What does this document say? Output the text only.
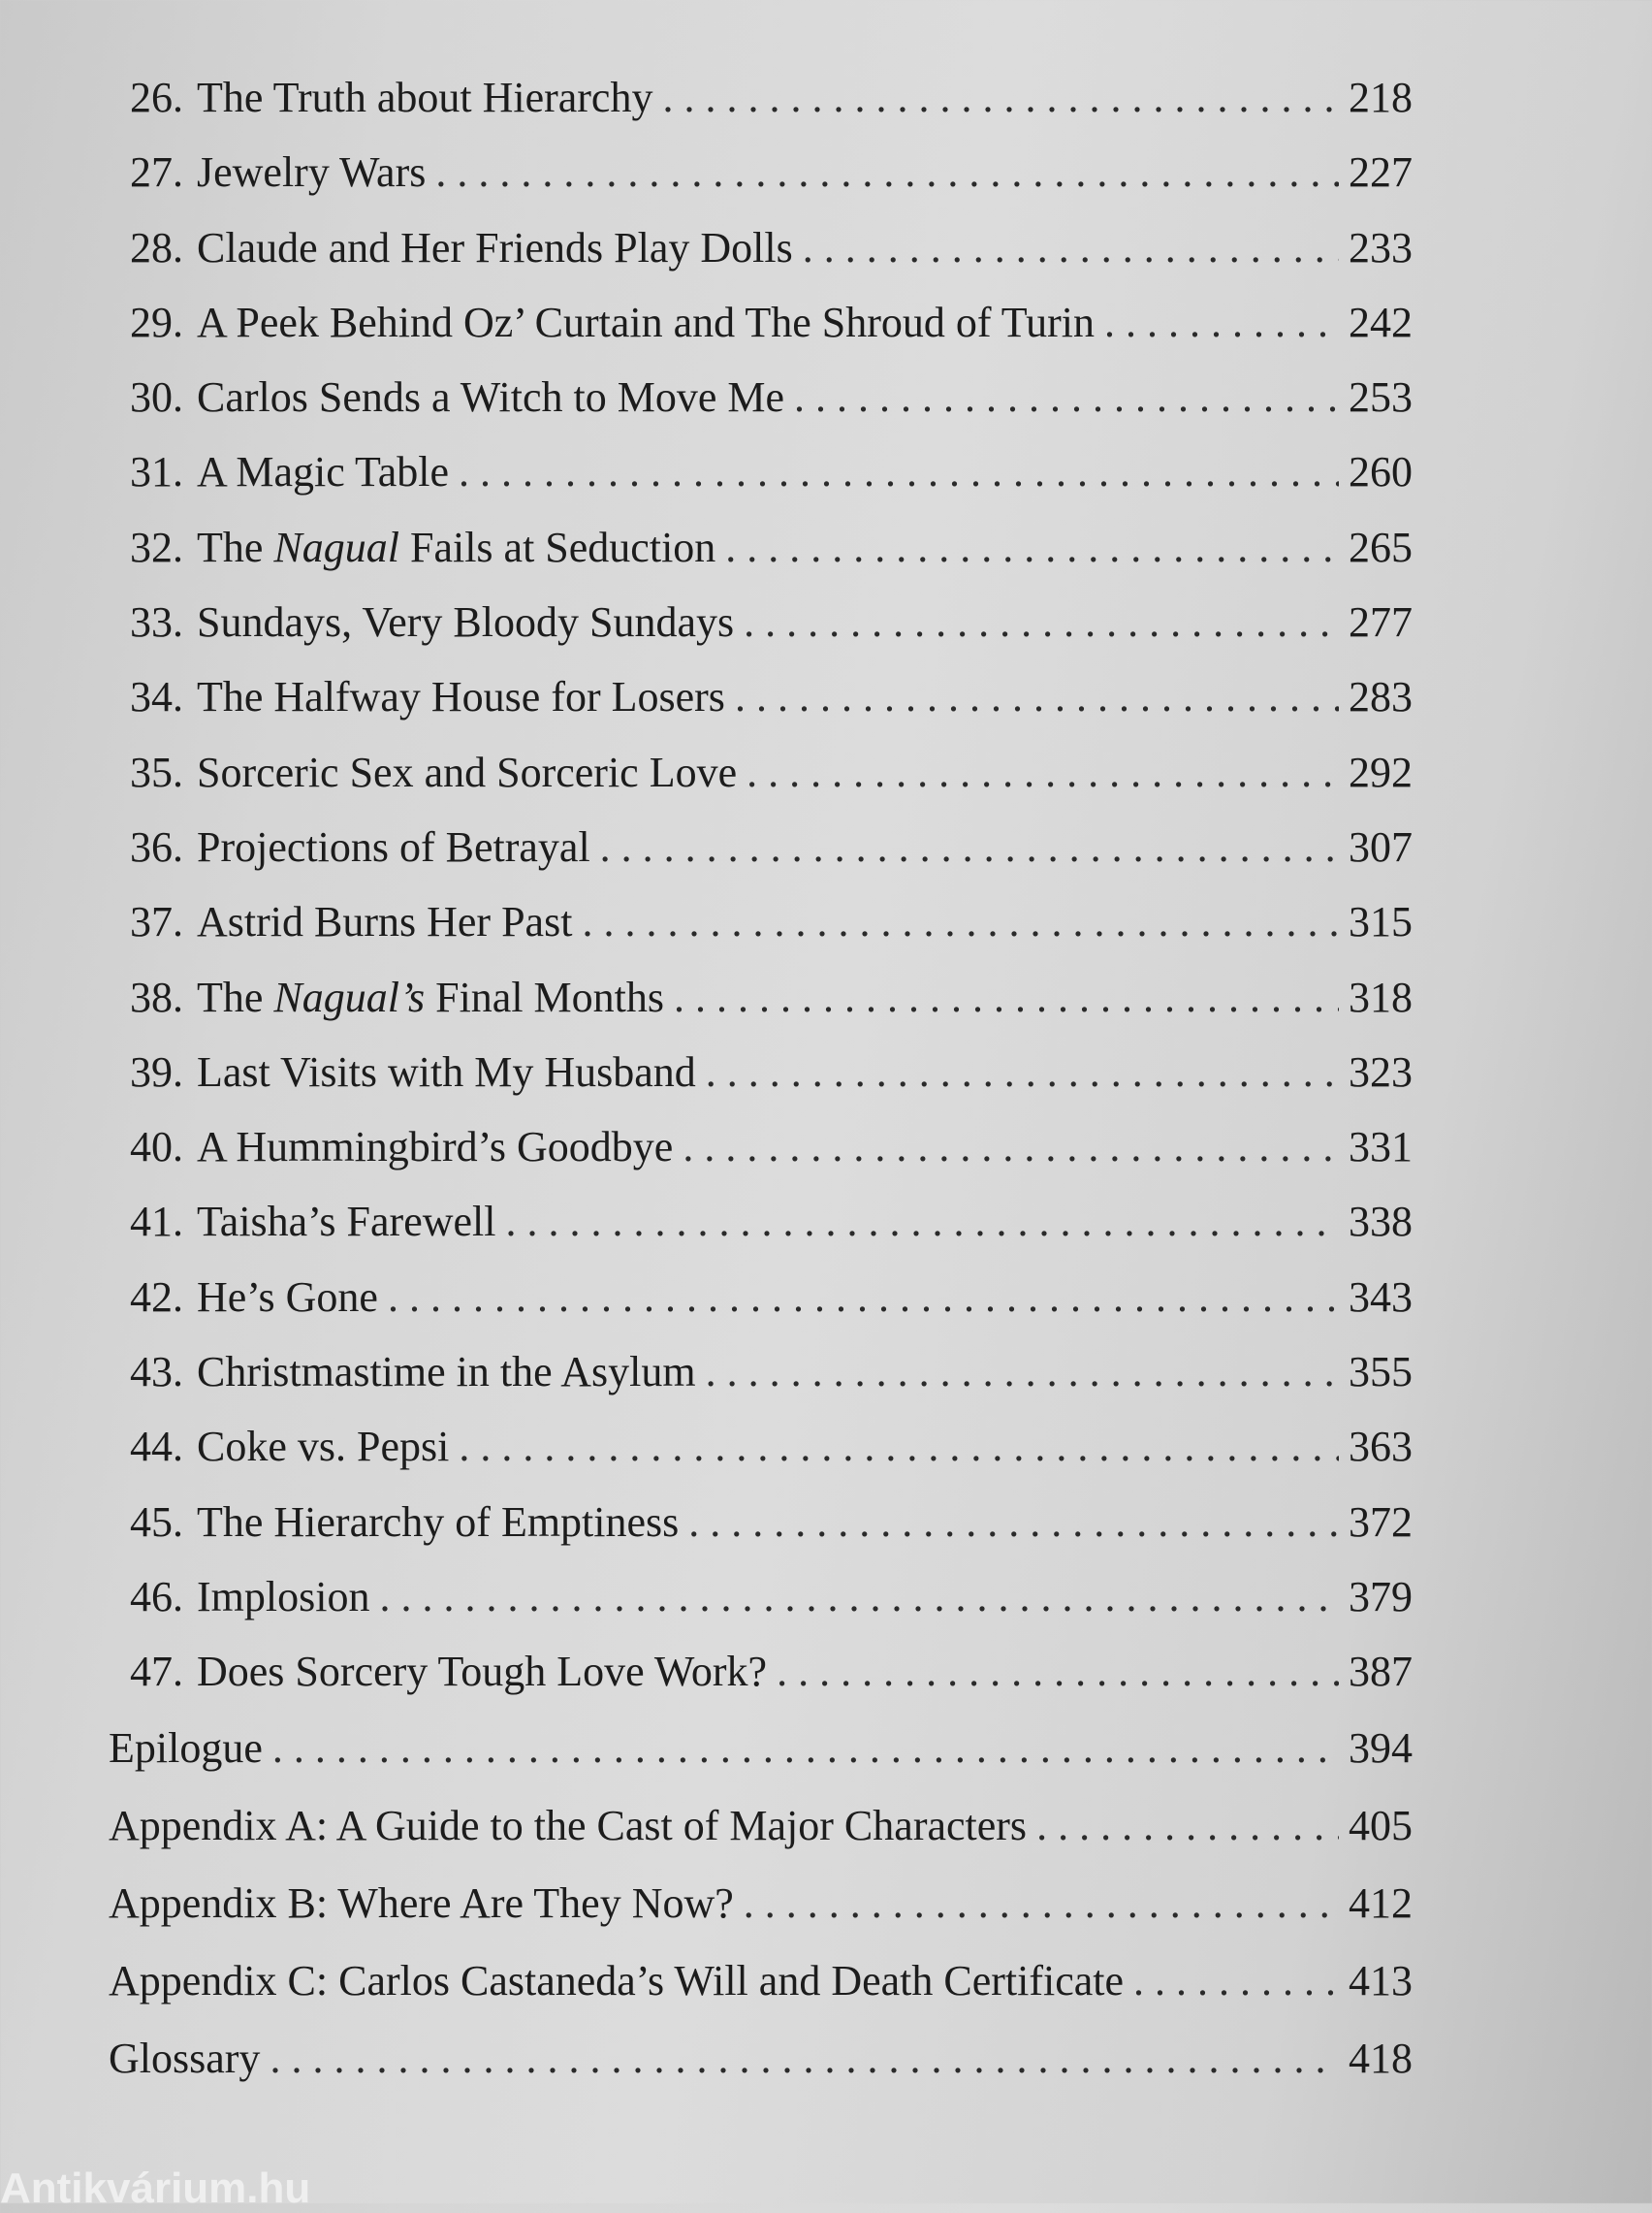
26. The Truth about Hierarchy . . .	218
27. Jewelry Wars . . .	227
28. Claude and Her Friends Play Dolls . . .	233
29. A Peek Behind Oz’ Curtain and The Shroud of Turin . . .	242
30. Carlos Sends a Witch to Move Me . . .	253
31. A Magic Table . . .	260
32. The Nagual Fails at Seduction . . .	265
33. Sundays, Very Bloody Sundays . . .	277
34. The Halfway House for Losers . . .	283
35. Sorceric Sex and Sorceric Love . . .	292
36. Projections of Betrayal . . .	307
37. Astrid Burns Her Past . . .	315
38. The Nagual’s Final Months . . .	318
39. Last Visits with My Husband . . .	323
40. A Hummingbird’s Goodbye . . .	331
41. Taisha’s Farewell . . .	338
42. He’s Gone . . .	343
43. Christmastime in the Asylum . . .	355
44. Coke vs. Pepsi . . .	363
45. The Hierarchy of Emptiness . . .	372
46. Implosion . . .	379
47. Does Sorcery Tough Love Work? . . .	387
Epilogue . . .	394
Appendix A: A Guide to the Cast of Major Characters . . .	405
Appendix B: Where Are They Now? . . .	412
Appendix C: Carlos Castaneda’s Will and Death Certificate . . .	413
Glossary . . .	418
Antikvárium.hu
